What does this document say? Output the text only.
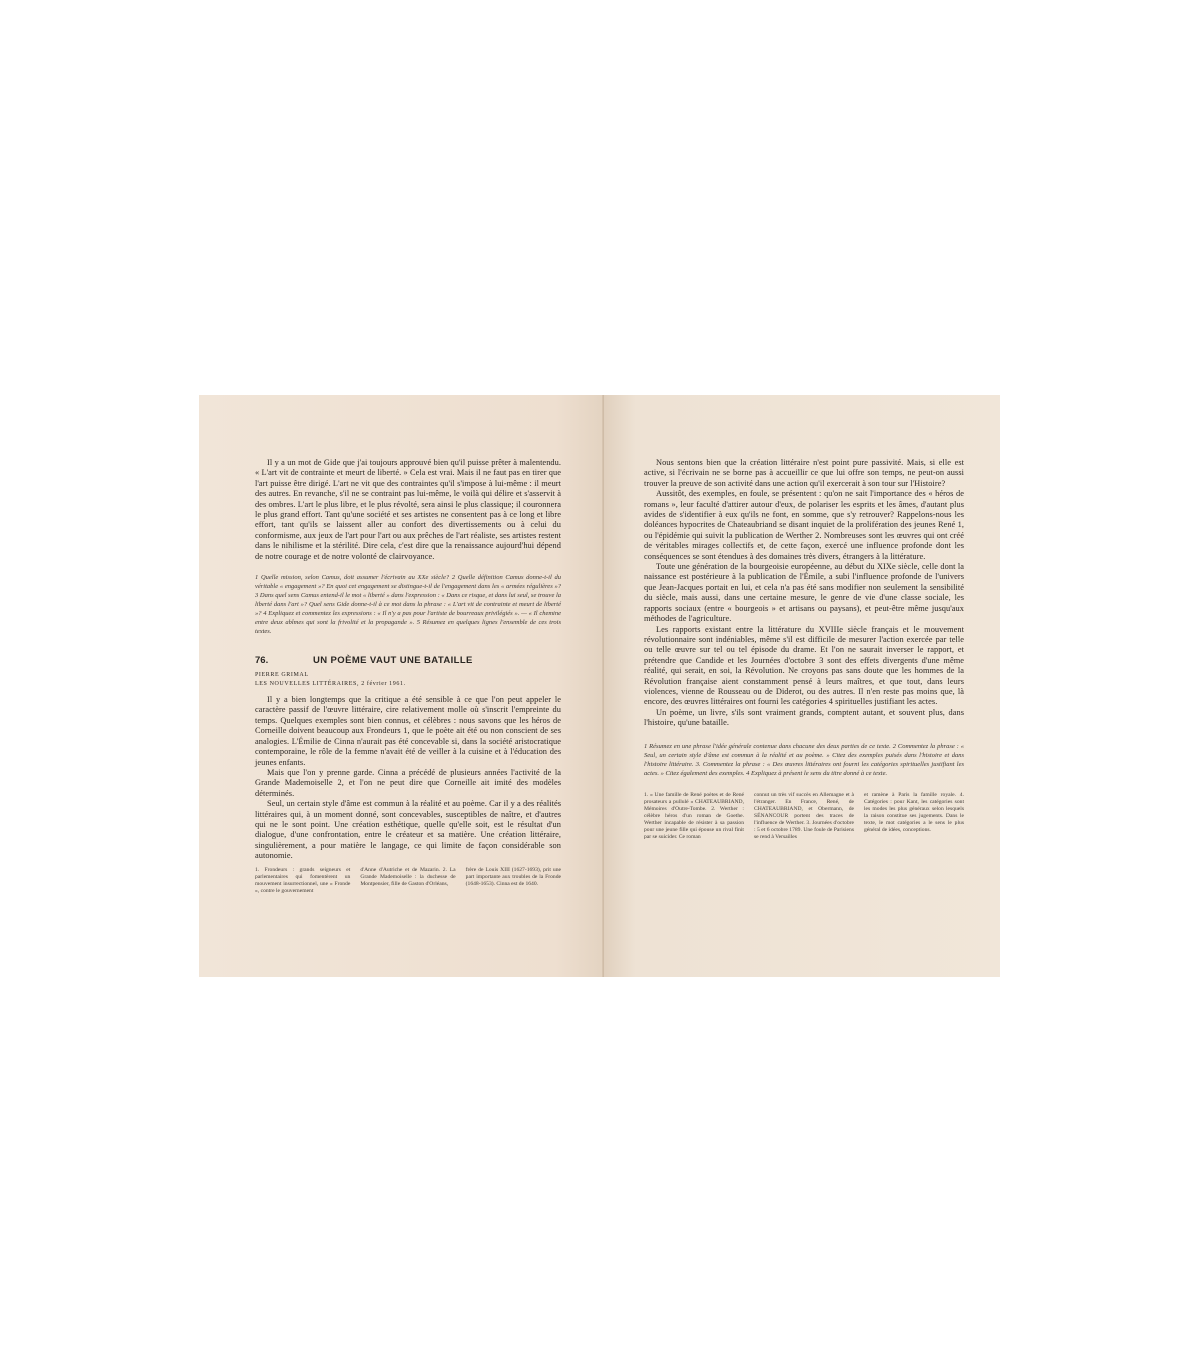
Il y a un mot de Gide que j'ai toujours approuvé bien qu'il puisse prêter à malentendu. « L'art vit de contrainte et meurt de liberté. » Cela est vrai. Mais il ne faut pas en tirer que l'art puisse être dirigé. L'art ne vit que des contraintes qu'il s'impose à lui-même : il meurt des autres. En revanche, s'il ne se contraint pas lui-même, le voilà qui délire et s'asservit à des ombres. L'art le plus libre, et le plus révolté, sera ainsi le plus classique; il couronnera le plus grand effort. Tant qu'une société et ses artistes ne consentent pas à ce long et libre effort, tant qu'ils se laissent aller au confort des divertissements ou à celui du conformisme, aux jeux de l'art pour l'art ou aux prêches de l'art réaliste, ses artistes restent dans le nihilisme et la stérilité. Dire cela, c'est dire que la renaissance aujourd'hui dépend de notre courage et de notre volonté de clairvoyance.

1 Quelle mission, selon Camus, doit assumer l'écrivain au XXe siècle? 2 Quelle définition Camus donne-t-il du véritable « engagement »? En quoi cet engagement se distingue-t-il de l'engagement dans les « armées régulières »? 3 Dans quel sens Camus entend-il le mot « liberté » dans l'expression : « Dans ce risque, et dans lui seul, se trouve la liberté dans l'art »? Quel sens Gide donne-t-il à ce mot dans la phrase : « L'art vit de contrainte et meurt de liberté »? 4 Expliquez et commentez les expressions : « Il n'y a pas pour l'artiste de bourreaux privilégiés ». — « Il chemine entre deux abîmes qui sont la frivolité et la propagande ». 5 Résumez en quelques lignes l'ensemble de ces trois textes.

76.	UN POÈME VAUT UNE BATAILLE

PIERRE GRIMAL

LES NOUVELLES LITTÉRAIRES, 2 février 1961.

Il y a bien longtemps que la critique a été sensible à ce que l'on peut appeler le caractère passif de l'œuvre littéraire, cire relativement molle où s'inscrit l'empreinte du temps. Quelques exemples sont bien connus, et célèbres : nous savons que les héros de Corneille doivent beaucoup aux Frondeurs 1, que le poète ait été ou non conscient de ses analogies. L'Émilie de Cinna n'aurait pas été concevable si, dans la société aristocratique contemporaine, le rôle de la femme n'avait été de veiller à la cuisine et à l'éducation des jeunes enfants.

Mais que l'on y prenne garde. Cinna a précédé de plusieurs années l'activité de la Grande Mademoiselle 2, et l'on ne peut dire que Corneille ait imité des modèles déterminés.

Seul, un certain style d'âme est commun à la réalité et au poème. Car il y a des réalités littéraires qui, à un moment donné, sont concevables, susceptibles de naître, et d'autres qui ne le sont point. Une création esthétique, quelle qu'elle soit, est le résultat d'un dialogue, d'une confrontation, entre le créateur et sa matière. Une création littéraire, singulièrement, a pour matière le langage, ce qui limite de façon considérable son autonomie.

1. Frondeurs : grands seigneurs et parlementaires qui fomentèrent un mouvement insurrectionnel, une « Fronde », contre le gouvernement
d'Anne d'Autriche et de Mazarin. 2. La Grande Mademoiselle : la duchesse de Montpensier, fille de Gaston d'Orléans,
frère de Louis XIII (1627-1693), prit une part importante aux troubles de la Fronde (1648-1653). Cinna est de 1640.

Nous sentons bien que la création littéraire n'est point pure passivité. Mais, si elle est active, si l'écrivain ne se borne pas à accueillir ce que lui offre son temps, ne peut-on aussi trouver la preuve de son activité dans une action qu'il exercerait à son tour sur l'Histoire?

Aussitôt, des exemples, en foule, se présentent : qu'on ne sait l'importance des « héros de romans », leur faculté d'attirer autour d'eux, de polariser les esprits et les âmes, d'autant plus avides de s'identifier à eux qu'ils ne font, en somme, que s'y retrouver? Rappelons-nous les doléances hypocrites de Chateaubriand se disant inquiet de la prolifération des jeunes René 1, ou l'épidémie qui suivit la publication de Werther 2. Nombreuses sont les œuvres qui ont créé de véritables mirages collectifs et, de cette façon, exercé une influence profonde dont les conséquences se sont étendues à des domaines très divers, étrangers à la littérature.

Toute une génération de la bourgeoisie européenne, au début du XIXe siècle, celle dont la naissance est postérieure à la publication de l'Émile, a subi l'influence profonde de l'univers que Jean-Jacques portait en lui, et cela n'a pas été sans modifier non seulement la sensibilité du siècle, mais aussi, dans une certaine mesure, le genre de vie d'une classe sociale, les rapports sociaux (entre « bourgeois » et artisans ou paysans), et peut-être même jusqu'aux méthodes de l'agriculture.

Les rapports existant entre la littérature du XVIIIe siècle français et le mouvement révolutionnaire sont indéniables, même s'il est difficile de mesurer l'action exercée par telle ou telle œuvre sur tel ou tel épisode du drame. Et l'on ne saurait inverser le rapport, et prétendre que Candide et les Journées d'octobre 3 sont des effets divergents d'une même réalité, qui serait, en soi, la Révolution. Ne croyons pas sans doute que les hommes de la Révolution française aient constamment pensé à leurs maîtres, et que tout, dans leurs violences, vienne de Rousseau ou de Diderot, ou des autres. Il n'en reste pas moins que, là encore, des œuvres littéraires ont fourni les catégories 4 spirituelles justifiant les actes.

Un poème, un livre, s'ils sont vraiment grands, comptent autant, et souvent plus, dans l'histoire, qu'une bataille.

1 Résumez en une phrase l'idée générale contenue dans chacune des deux parties de ce texte. 2 Commentez la phrase : « Seul, un certain style d'âme est commun à la réalité et au poème. » Citez des exemples puisés dans l'histoire et dans l'histoire littéraire. 3. Commentez la phrase : « Des œuvres littéraires ont fourni les catégories spirituelles justifiant les actes. » Citez également des exemples. 4 Expliquez à présent le sens du titre donné à ce texte.

1. « Une famille de René poètes et de René prosateurs a pullulé » CHATEAUBRIAND, Mémoires d'Outre-Tombe. 2. Werther : célèbre héros d'un roman de Goethe. Werther incapable de résister à sa passion pour une jeune fille qui épouse un rival finit par se suicider. Ce roman
connut un très vif succès en Allemagne et à l'étranger. En France, René, de CHATEAUBRIAND, et Obermann, de SÉNANCOUR portent des traces de l'influence de Werther. 3. Journées d'octobre : 5 et 6 octobre 1789. Une foule de Parisiens se rend à Versailles
et ramène à Paris la famille royale. 4. Catégories : pour Kant, les catégories sont les modes les plus généraux selon lesquels la raison constitue ses jugements. Dans le texte, le mot catégories a le sens le plus général de idées, conceptions.
